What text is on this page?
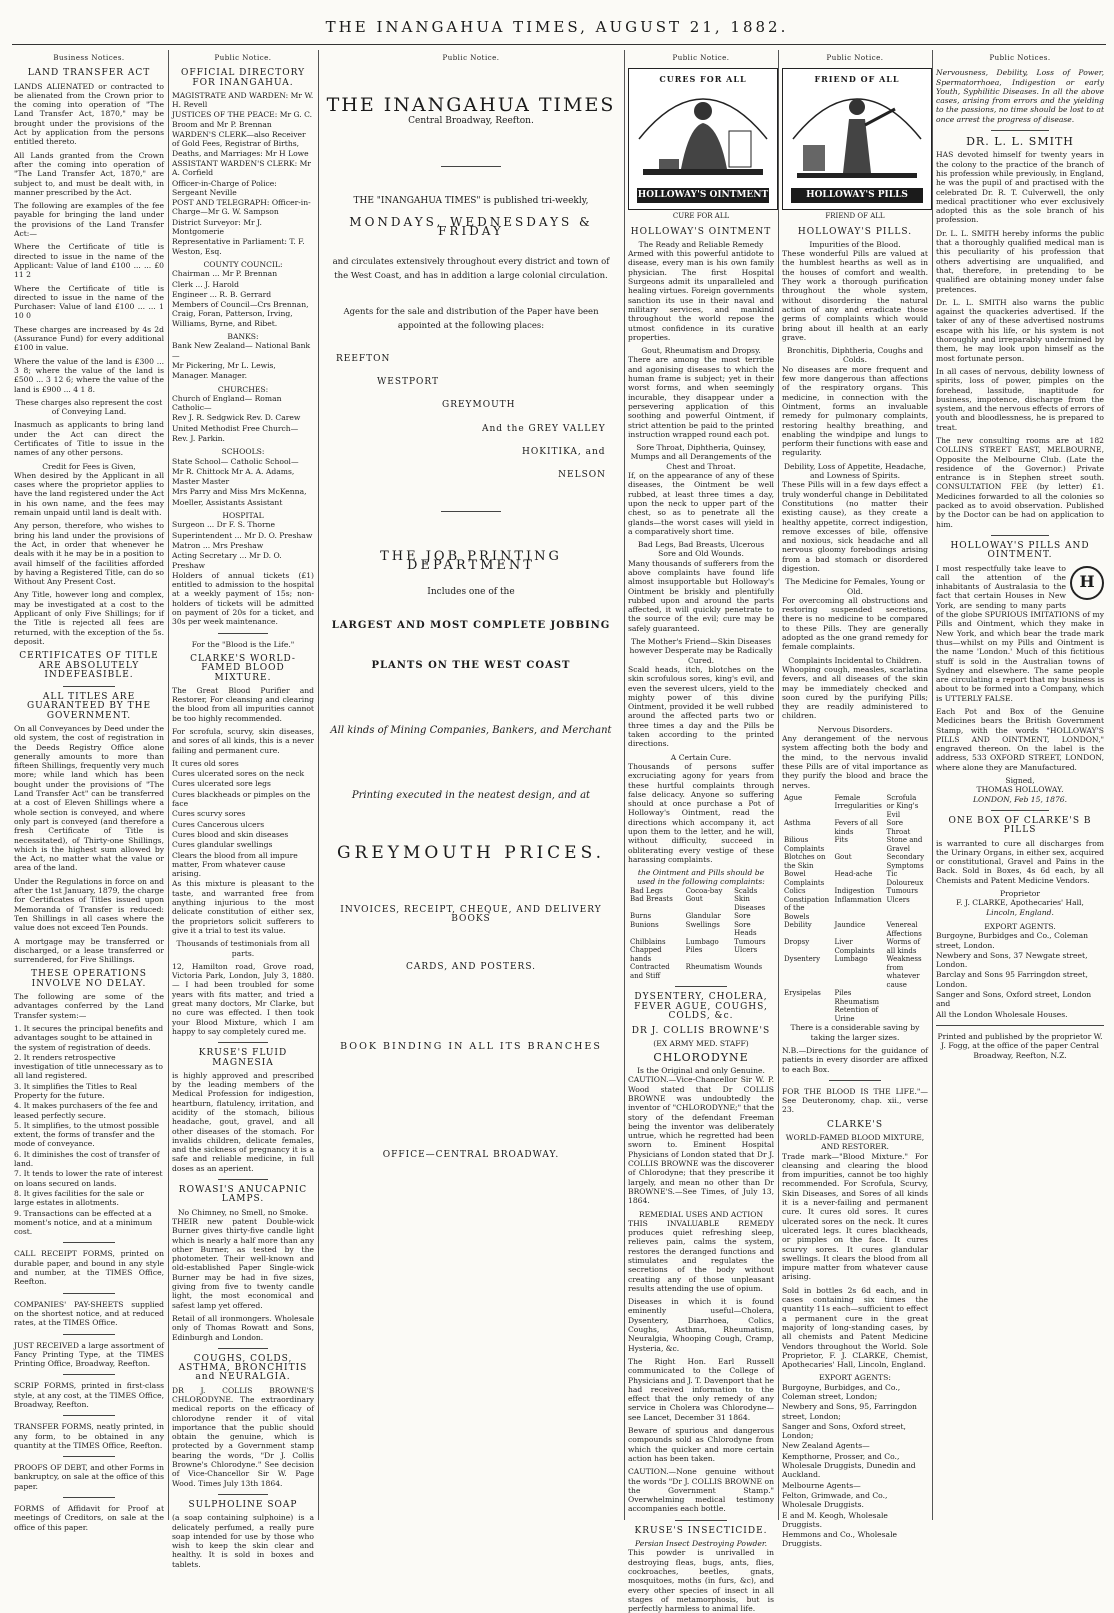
THE INANGAHUA TIMES, AUGUST 21, 1882.
Business Notices.
LAND TRANSFER ACT

LANDS ALIENATED or contracted to be alienated from the Crown prior to the coming into operation of "The Land Transfer Act, 1870," may be brought under the provisions of the Act by application from the persons entitled thereto.

All Lands granted from the Crown after the coming into operation of "The Land Transfer Act, 1870," are subject to, and must be dealt with, in manner prescribed by the Act.

The following are examples of the fee payable for bringing the land under the provisions of the Land Transfer Act:—

Where the Certificate of title is directed to issue in the name of the Applicant: Value of land £100 ... ... £0 11 2

Where the Certificate of title is directed to issue in the name of the Purchaser: Value of land £100 ... ... 1 10 0

These charges are increased by 4s 2d (Assurance Fund) for every additional £100 in value.

Where the value of the land is £300 ... 3 8; where the value of the land is £500 ... 3 12 6; where the value of the land is £900 ... 4 1 8.

These charges also represent the cost of Conveying Land.

Inasmuch as applicants to bring land under the Act can direct the Certificates of Title to issue in the names of any other persons.

Credit for Fees is Given,

When desired by the Applicant in all cases where the proprietor applies to have the land registered under the Act in his own name, and the fees may remain unpaid until land is dealt with.

Any person, therefore, who wishes to bring his land under the provisions of the Act, in order that whenever he deals with it he may be in a position to avail himself of the facilities afforded by having a Registered Title, can do so Without Any Present Cost.

Any Title, however long and complex, may be investigated at a cost to the Applicant of only Five Shillings; for if the Title is rejected all fees are returned, with the exception of the 5s. deposit.

CERTIFICATES OF TITLE ARE ABSOLUTELY INDEFEASIBLE.
ALL TITLES ARE GUARANTEED BY THE GOVERNMENT.

On all Conveyances by Deed under the old system, the cost of registration in the Deeds Registry Office alone generally amounts to more than fifteen Shillings, frequently very much more; while land which has been bought under the provisions of "The Land Transfer Act" can be transferred at a cost of Eleven Shillings where a whole section is conveyed, and where only part is conveyed (and therefore a fresh Certificate of Title is necessitated), of Thirty-one Shillings, which is the highest sum allowed by the Act, no matter what the value or area of the land.

Under the Regulations in force on and after the 1st January, 1879, the charge for Certificates of Titles issued upon Memoranda of Transfer is reduced: Ten Shillings in all cases where the value does not exceed Ten Pounds.

A mortgage may be transferred or discharged, or a lease transferred or surrendered, for Five Shillings.

THESE OPERATIONS INVOLVE NO DELAY.

The following are some of the advantages conferred by the Land Transfer system:—

1. It secures the principal benefits and advantages sought to be attained in the system of registration of deeds.
2. It renders retrospective investigation of title unnecessary as to all land registered.
3. It simplifies the Titles to Real Property for the future.
4. It makes purchasers of the fee and leased perfectly secure.
5. It simplifies, to the utmost possible extent, the forms of transfer and the mode of conveyance.
6. It diminishes the cost of transfer of land.
7. It tends to lower the rate of interest on loans secured on lands.
8. It gives facilities for the sale or large estates in allotments.
9. Transactions can be effected at a moment's notice, and at a minimum cost.

CALL RECEIPT FORMS, printed on durable paper, and bound in any style and number, at the TIMES Office, Reefton.

COMPANIES' PAY-SHEETS supplied on the shortest notice, and at reduced rates, at the TIMES Office.

JUST RECEIVED a large assortment of Fancy Printing Type, at the TIMES Printing Office, Broadway, Reefton.

SCRIP FORMS, printed in first-class style, at any cost, at the TIMES Office, Broadway, Reefton.

TRANSFER FORMS, neatly printed, in any form, to be obtained in any quantity at the TIMES Office, Reefton.

PROOFS OF DEBT, and other Forms in bankruptcy, on sale at the office of this paper.

FORMS of Affidavit for Proof at meetings of Creditors, on sale at the office of this paper.

Public Notice.
OFFICIAL DIRECTORY FOR INANGAHUA.
MAGISTRATE AND WARDEN: Mr W. H. Revell
JUSTICES OF THE PEACE: Mr G. C. Broom and Mr P. Brennan
WARDEN'S CLERK—also Receiver of Gold Fees, Registrar of Births, Deaths, and Marriages: Mr H Lowe
ASSISTANT WARDEN'S CLERK: Mr A. Corfield
Officer-in-Charge of Police: Sergeant Neville
POST AND TELEGRAPH: Officer-in-Charge—Mr G. W. Sampson
District Surveyor: Mr J. Montgomerie
Representative in Parliament: T. F. Weston, Esq.
COUNTY COUNCIL:
Chairman ... Mr P. Brennan
Clerk ... J. Harold
Engineer ... R. B. Gerrard
Members of Council—Crs Brennan, Craig, Foran, Patterson, Irving, Williams, Byrne, and Ribet.
BANKS:
Bank New Zealand— National Bank—
Mr Pickering, Mr L. Lewis,
Manager. Manager.
CHURCHES:
Church of England— Roman Catholic—
Rev J. R. Sedgwick Rev. D. Carew
United Methodist Free Church—
Rev. J. Parkin.
SCHOOLS:
State School— Catholic School—
Mr R. Chittock Mr A. A. Adams,
Master Master
Mrs Parry and Miss Mrs McKenna,
Moeller, Assistants Assistant
HOSPITAL
Surgeon ... Dr F. S. Thorne
Superintendent ... Mr D. O. Preshaw
Matron ... Mrs Preshaw
Acting Secretary ... Mr D. O. Preshaw

Holders of annual tickets (£1) entitled to admission to the hospital at a weekly payment of 15s; non-holders of tickets will be admitted on payment of 20s for a ticket, and 30s per week maintenance.

For the "Blood is the Life."
CLARKE'S WORLD-FAMED BLOOD MIXTURE.

The Great Blood Purifier and Restorer, For cleansing and clearing the blood from all impurities cannot be too highly recommended.

For scrofula, scurvy, skin diseases, and sores of all kinds, this is a never failing and permanent cure.

It cures old sores
Cures ulcerated sores on the neck
Cures ulcerated sore legs
Cures blackheads or pimples on the face
Cures scurvy sores
Cures Cancerous ulcers
Cures blood and skin diseases
Cures glandular swellings
Clears the blood from all impure matter, From whatever cause arising.

As this mixture is pleasant to the taste, and warranted free from anything injurious to the most delicate constitution of either sex, the proprietors solicit sufferers to give it a trial to test its value.

Thousands of testimonials from all parts.

12, Hamilton road, Grove road, Victoria Park, London, July 3, 1880.— I had been troubled for some years with fits matter, and tried a great many doctors, Mr Clarke, but no cure was effected. I then took your Blood Mixture, which I am happy to say completely cured me.

KRUSE'S FLUID MAGNESIA

is highly approved and prescribed by the leading members of the Medical Profession for indigestion, heartburn, flatulency, irritation, and acidity of the stomach, bilious headache, gout, gravel, and all other diseases of the stomach. For invalids children, delicate females, and the sickness of pregnancy it is a safe and reliable medicine, in full doses as an aperient.

ROWASI'S ANUCAPNIC LAMPS.
No Chimney, no Smell, no Smoke.

THEIR new patent Double-wick Burner gives thirty-five candle light which is nearly a half more than any other Burner, as tested by the photometer. Their well-known and old-established Paper Single-wick Burner may be had in five sizes, giving from five to twenty candle light, the most economical and safest lamp yet offered.

Retail of all ironmongers. Wholesale only of Thomas Rowatt and Sons, Edinburgh and London.

COUGHS, COLDS, ASTHMA, BRONCHITIS and NEURALGIA.

DR J. COLLIS BROWNE'S CHLORODYNE. The extraordinary medical reports on the efficacy of chlorodyne render it of vital importance that the public should obtain the genuine, which is protected by a Government stamp bearing the words, "Dr J. Collis Browne's Chlorodyne." See decision of Vice-Chancellor Sir W. Page Wood. Times July 13th 1864.

SULPHOLINE SOAP

(a soap containing sulphoine) is a delicately perfumed, a really pure soap intended for use by those who wish to keep the skin clear and healthy. It is sold in boxes and tablets.

Public Notice.
THE INANGAHUA TIMES
Central Broadway, Reefton.
THE "INANGAHUA TIMES" is published tri-weekly,
MONDAYS, WEDNESDAYS & FRIDAY

and circulates extensively throughout every district and town of the West Coast, and has in addition a large colonial circulation.

Agents for the sale and distribution of the Paper have been appointed at the following places:

REEFTON
WESTPORT
GREYMOUTH
And the GREY VALLEY
HOKITIKA, and
NELSON
THE JOB PRINTING DEPARTMENT
Includes one of the
LARGEST AND MOST COMPLETE JOBBING
PLANTS ON THE WEST COAST
All kinds of Mining Companies, Bankers, and Merchant
Printing executed in the neatest design, and at
GREYMOUTH PRICES.
INVOICES, RECEIPT, CHEQUE, AND DELIVERY BOOKS
CARDS, AND POSTERS.
BOOK BINDING IN ALL ITS BRANCHES
OFFICE—CENTRAL BROADWAY.
Public Notice.
CURES FOR ALL
HOLLOWAY'S OINTMENT
CURE FOR ALL
HOLLOWAY'S OINTMENT
The Ready and Reliable Remedy

Armed with this powerful antidote to disease, every man is his own family physician. The first Hospital Surgeons admit its unparalleled and healing virtues. Foreign governments sanction its use in their naval and military services, and mankind throughout the world repose the utmost confidence in its curative properties.

Gout, Rheumatism and Dropsy.

There are among the most terrible and agonising diseases to which the human frame is subject; yet in their worst forms, and when seemingly incurable, they disappear under a persevering application of this soothing and powerful Ointment, if strict attention be paid to the printed instruction wrapped round each pot.

Sore Throat, Diphtheria, Quinsey, Mumps and all Derangements of the Chest and Throat.

If, on the appearance of any of these diseases, the Ointment be well rubbed, at least three times a day, upon the neck to upper part of the chest, so as to penetrate all the glands—the worst cases will yield in a comparatively short time.

Bad Legs, Bad Breasts, Ulcerous Sore and Old Wounds.

Many thousands of sufferers from the above complaints have found life almost insupportable but Holloway's Ointment be briskly and plentifully rubbed upon and around the parts affected, it will quickly penetrate to the source of the evil; cure may be safely guaranteed.

The Mother's Friend—Skin Diseases however Desperate may be Radically Cured.

Scald heads, itch, blotches on the skin scrofulous sores, king's evil, and even the severest ulcers, yield to the mighty power of this divine Ointment, provided it be well rubbed around the affected parts two or three times a day and the Pills be taken according to the printed directions.

A Certain Cure.

Thousands of persons suffer excruciating agony for years from these hurtful complaints through false delicacy. Anyone so suffering should at once purchase a Pot of Holloway's Ointment, read the directions which accompany it, act upon them to the letter, and he will, without difficulty, succeed in obliterating every vestige of these harassing complaints.

the Ointment and Pills should be used in the following complaints:
Bad Legs	Cocoa-bay	Scalds
Bad Breasts	Gout	Skin Diseases
Burns	Glandular	Sore
Bunions	Swellings	Sore Heads
Chilblains	Lumbago	Tumours
Chapped hands	Piles	Ulcers
Contracted and Stiff	Rheumatism	Wounds
DYSENTERY, CHOLERA, FEVER AGUE, COUGHS, COLDS, &c.
DR J. COLLIS BROWNE'S
(EX ARMY MED. STAFF)
CHLORODYNE
Is the Original and only Genuine.

CAUTION.—Vice-Chancellor Sir W. P. Wood stated that Dr COLLIS BROWNE was undoubtedly the inventor of "CHLORODYNE;" that the story of the defendant Freeman being the inventor was deliberately untrue, which he regretted had been sworn to. Eminent Hospital Physicians of London stated that Dr J. COLLIS BROWNE was the discoverer of Chlorodyne; that they prescribe it largely, and mean no other than Dr BROWNE'S.—See Times, of July 13, 1864.

REMEDIAL USES AND ACTION

THIS INVALUABLE REMEDY produces quiet refreshing sleep, relieves pain, calms the system, restores the deranged functions and stimulates and regulates the secretions of the body without creating any of those unpleasant results attending the use of opium.

Diseases in which it is found eminently useful—Cholera, Dysentery, Diarrhoea, Colics, Coughs, Asthma, Rheumatism, Neuralgia, Whooping Cough, Cramp, Hysteria, &c.

The Right Hon. Earl Russell communicated to the College of Physicians and J. T. Davenport that he had received information to the effect that the only remedy of any service in Cholera was Chlorodyne—see Lancet, December 31 1864.

Beware of spurious and dangerous compounds sold as Chlorodyne from which the quicker and more certain action has been taken.

CAUTION.—None genuine without the words "Dr J. COLLIS BROWNE on the Government Stamp." Overwhelming medical testimony accompanies each bottle.

KRUSE'S INSECTICIDE.
Persian Insect Destroying Powder.

This powder is unrivalled in destroying fleas, bugs, ants, flies, cockroaches, beetles, gnats, mosquitoes, moths (in furs, &c), and every other species of insect in all stages of metamorphosis, but is perfectly harmless to animal life.

Public Notice.
FRIEND OF ALL
HOLLOWAY'S PILLS
FRIEND OF ALL
HOLLOWAY'S PILLS.
Impurities of the Blood.

These wonderful Pills are valued at the humblest hearths as well as in the houses of comfort and wealth. They work a thorough purification throughout the whole system, without disordering the natural action of any and eradicate those germs of complaints which would bring about ill health at an early grave.

Bronchitis, Diphtheria, Coughs and Colds.

No diseases are more frequent and few more dangerous than affections of the respiratory organs. This medicine, in connection with the Ointment, forms an invaluable remedy for pulmonary complaints, restoring healthy breathing, and enabling the windpipe and lungs to perform their functions with ease and regularity.

Debility, Loss of Appetite, Headache, and Lowness of Spirits.

These Pills will in a few days effect a truly wonderful change in Debilitated Constitutions (no matter their existing cause), as they create a healthy appetite, correct indigestion, remove excesses of bile, offensive and noxious, sick headache and all nervous gloomy forebodings arising from a bad stomach or disordered digestion.

The Medicine for Females, Young or Old.

For overcoming all obstructions and restoring suspended secretions, there is no medicine to be compared to these Pills. They are generally adopted as the one grand remedy for female complaints.

Complaints Incidental to Children.

Whooping cough, measles, scarlatina fevers, and all diseases of the skin may be immediately checked and soon cured by the purifying Pills; they are readily administered to children.

Nervous Disorders.

Any derangement of the nervous system affecting both the body and the mind, to the nervous invalid these Pills are of vital importance as they purify the blood and brace the nerves.

Ague	Female Irregularities	Scrofula or King's Evil
Asthma	Fevers of all kinds	Sore Throat
Bilious Complaints	Fits	Stone and Gravel
Blotches on the Skin	Gout	Secondary Symptoms
Bowel Complaints	Head-ache	Tic Doloureux
Colics	Indigestion	Tumours
Constipation of the Bowels	Inflammation	Ulcers
Debility	Jaundice	Venereal Affections
Dropsy	Liver Complaints	Worms of all kinds
Dysentery	Lumbago	Weakness from whatever cause
Erysipelas	Piles	
	Rheumatism	
	Retention of Urine	

There is a considerable saving by taking the larger sizes.

N.B.—Directions for the guidance of patients in every disorder are affixed to each Box.

FOR THE BLOOD IS THE LIFE."—See Deuteronomy, chap. xii., verse 23.

CLARKE'S
WORLD-FAMED BLOOD MIXTURE,
AND RESTORER.

Trade mark—"Blood Mixture." For cleansing and clearing the blood from impurities, cannot be too highly recommended. For Scrofula, Scurvy, Skin Diseases, and Sores of all kinds it is a never-failing and permanent cure. It cures old sores. It cures ulcerated sores on the neck. It cures ulcerated legs. It cures blackheads, or pimples on the face. It cures scurvy sores. It cures glandular swellings. It clears the blood from all impure matter from whatever cause arising.

Sold in bottles 2s 6d each, and in cases containing six times the quantity 11s each—sufficient to effect a permanent cure in the great majority of long-standing cases, by all chemists and Patent Medicine Vendors throughout the World. Sole Proprietor, F. J. CLARKE, Chemist, Apothecaries' Hall, Lincoln, England.

EXPORT AGENTS:
Burgoyne, Burbidges, and Co., Coleman street, London;
Newbery and Sons, 95, Farringdon street, London;
Sanger and Sons, Oxford street, London;
New Zealand Agents—
Kempthorne, Prosser, and Co., Wholesale Druggists, Dunedin and Auckland.
Melbourne Agents—
Felton, Grimwade, and Co., Wholesale Druggists.
E and M. Keogh, Wholesale Druggists.
Hemmons and Co., Wholesale Druggists.
Public Notices.

Nervousness, Debility, Loss of Power, Spermatorrhoea, Indigestion or early Youth, Syphilitic Diseases. In all the above cases, arising from errors and the yielding to the passions, no time should be lost to at once arrest the progress of disease.

DR. L. L. SMITH

HAS devoted himself for twenty years in the colony to the practice of the branch of his profession while previously, in England, he was the pupil of and practised with the celebrated Dr. R. T. Culverwell, the only medical practitioner who ever exclusively adopted this as the sole branch of his profession.

Dr. L. L. SMITH hereby informs the public that a thoroughly qualified medical man is this peculiarity of his profession that others advertising are unqualified, and that, therefore, in pretending to be qualified are obtaining money under false pretences.

Dr. L. L. SMITH also warns the public against the quackeries advertised. If the taker of any of these advertised nostrums escape with his life, or his system is not thoroughly and irreparably undermined by them, he may look upon himself as the most fortunate person.

In all cases of nervous, debility lowness of spirits, loss of power, pimples on the forehead, lassitude, inaptitude for business, impotence, discharge from the system, and the nervous effects of errors of youth and bloodlessness, he is prepared to treat.

The new consulting rooms are at 182 COLLINS STREET EAST, MELBOURNE, Opposite the Melbourne Club. (Late the residence of the Governor.) Private entrance is in Stephen street south. CONSULTATION FEE (by letter) £1. Medicines forwarded to all the colonies so packed as to avoid observation. Published by the Doctor can be had on application to him.

HOLLOWAY'S PILLS AND OINTMENT.
H

I most respectfully take leave to call the attention of the inhabitants of Australasia to the fact that certain Houses in New York, are sending to many parts of the globe SPURIOUS IMITATIONS of my Pills and Ointment, which they make in New York, and which bear the trade mark thus—whilst on my Pills and Ointment is the name 'London.' Much of this fictitious stuff is sold in the Australian towns of Sydney and elsewhere. The same people are circulating a report that my business is about to be formed into a Company, which is UTTERLY FALSE.

Each Pot and Box of the Genuine Medicines bears the British Government Stamp, with the words "HOLLOWAY'S PILLS AND OINTMENT, LONDON," engraved thereon. On the label is the address, 533 OXFORD STREET, LONDON, where alone they are Manufactured.

Signed,
THOMAS HOLLOWAY.
LONDON, Feb 15, 1876.
ONE BOX OF CLARKE'S B PILLS

is warranted to cure all discharges from the Urinary Organs, in either sex, acquired or constitutional, Gravel and Pains in the Back. Sold in Boxes, 4s 6d each, by all Chemists and Patent Medicine Vendors.

Proprietor
F. J. CLARKE, Apothecaries' Hall,
Lincoln, England.
EXPORT AGENTS.
Burgoyne, Burbidges and Co., Coleman street, London.
Newbery and Sons, 37 Newgate street, London.
Barclay and Sons 95 Farringdon street, London.
Sanger and Sons, Oxford street, London and
All the London Wholesale Houses.

Printed and published by the proprietor W. J. Fogg, at the office of the paper Central Broadway, Reefton, N.Z.
